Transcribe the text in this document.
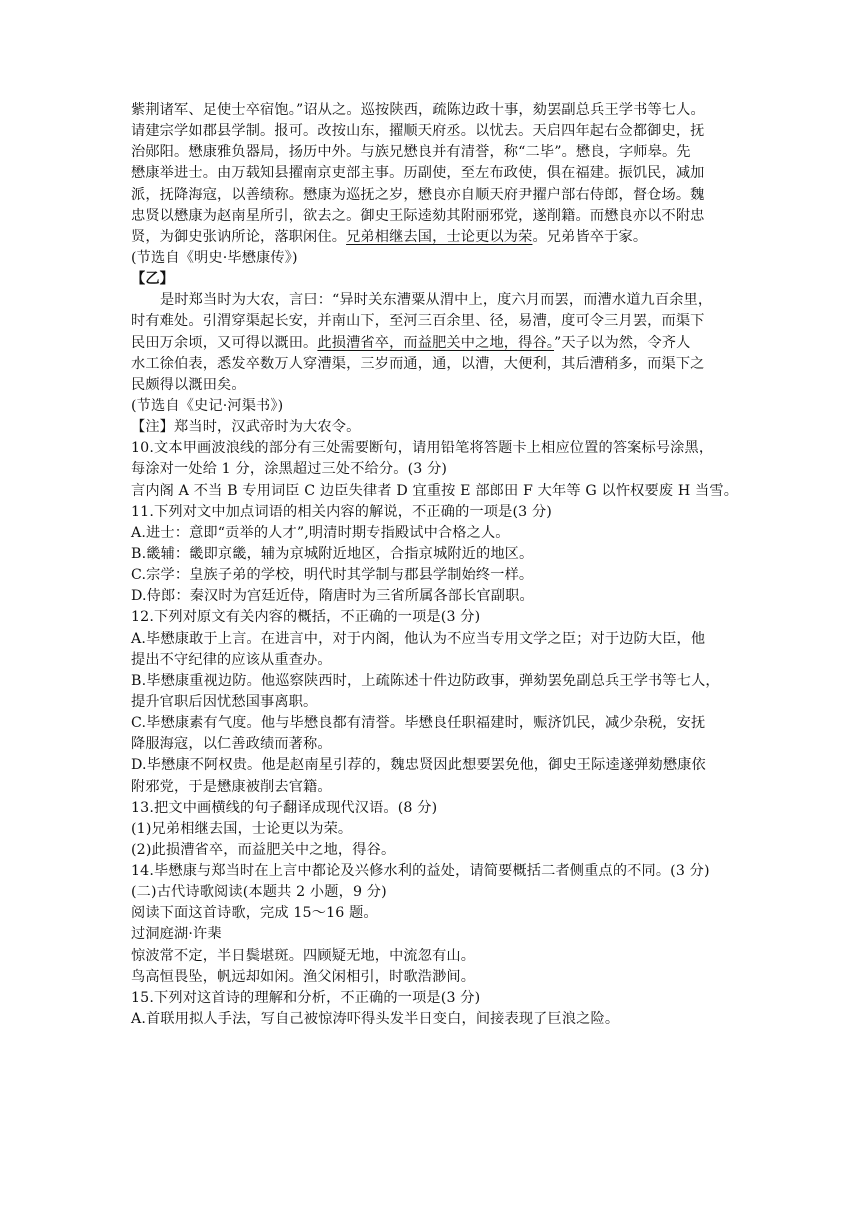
紫荆诸军、足使士卒宿饱。”诏从之。巡按陕西，疏陈边政十事，劾罢副总兵王学书等七人。
请建宗学如郡县学制。报可。改按山东，擢顺天府丞。以忧去。天启四年起右佥都御史，抚
治郧阳。懋康雅负器局，扬历中外。与族兄懋良并有清誉，称“二毕”。懋良，字师皋。先
懋康举进士。由万载知县擢南京吏部主事。历副使，至左布政使，俱在福建。振饥民，减加
派，抚降海寇，以善绩称。懋康为巡抚之岁，懋良亦自顺天府尹擢户部右侍郎，督仓场。魏
忠贤以懋康为赵南星所引，欲去之。御史王际逵劾其附丽邪党，遂削籍。而懋良亦以不附忠
贤，为御史张讷所论，落职闲住。兄弟相继去国，士论更以为荣。兄弟皆卒于家。
(节选自《明史·毕懋康传》)
【乙】
是时郑当时为大农，言曰：“异时关东漕粟从渭中上，度六月而罢，而漕水道九百余里，
时有难处。引渭穿渠起长安，并南山下，至河三百余里、径，易漕，度可令三月罢，而渠下
民田万余顷，又可得以溉田。此损漕省卒，而益肥关中之地，得谷。”天子以为然，令齐人
水工徐伯表，悉发卒数万人穿漕渠，三岁而通，通，以漕，大便利，其后漕稍多，而渠下之
民颇得以溉田矣。
(节选自《史记·河渠书》)
【注】郑当时，汉武帝时为大农令。
10.文本甲画波浪线的部分有三处需要断句，请用铅笔将答题卡上相应位置的答案标号涂黑，
每涂对一处给 1 分，涂黑超过三处不给分。(3 分)
言内阁 A 不当 B 专用词臣 C 边臣失律者 D 宜重按 E 部郎田 F 大年等 G 以忤权要废 H 当雪。
11.下列对文中加点词语的相关内容的解说，不正确的一项是(3 分)
A.进士：意即“贡举的人才”,明清时期专指殿试中合格之人。
B.畿辅：畿即京畿，辅为京城附近地区，合指京城附近的地区。
C.宗学：皇族子弟的学校，明代时其学制与郡县学制始终一样。
D.侍郎：秦汉时为宫廷近侍，隋唐时为三省所属各部长官副职。
12.下列对原文有关内容的概括，不正确的一项是(3 分)
A.毕懋康敢于上言。在进言中，对于内阁，他认为不应当专用文学之臣；对于边防大臣，他
提出不守纪律的应该从重查办。
B.毕懋康重视边防。他巡察陕西时，上疏陈述十件边防政事，弹劾罢免副总兵王学书等七人，
提升官职后因忧愁国事离职。
C.毕懋康素有气度。他与毕懋良都有清誉。毕懋良任职福建时，赈济饥民，减少杂税，安抚
降服海寇，以仁善政绩而著称。
D.毕懋康不阿权贵。他是赵南星引荐的，魏忠贤因此想要罢免他，御史王际逵遂弹劾懋康依
附邪党，于是懋康被削去官籍。
13.把文中画横线的句子翻译成现代汉语。(8 分)
(1)兄弟相继去国，士论更以为荣。
(2)此损漕省卒，而益肥关中之地，得谷。
14.毕懋康与郑当时在上言中都论及兴修水利的益处，请简要概括二者侧重点的不同。(3 分)
(二)古代诗歌阅读(本题共 2 小题，9 分)
阅读下面这首诗歌，完成 15～16 题。
过洞庭湖·许棐
惊波常不定，半日鬓堪斑。四顾疑无地，中流忽有山。
鸟高恒畏坠，帆远却如闲。渔父闲相引，时歌浩渺间。
15.下列对这首诗的理解和分析，不正确的一项是(3 分)
A.首联用拟人手法，写自己被惊涛吓得头发半日变白，间接表现了巨浪之险。
